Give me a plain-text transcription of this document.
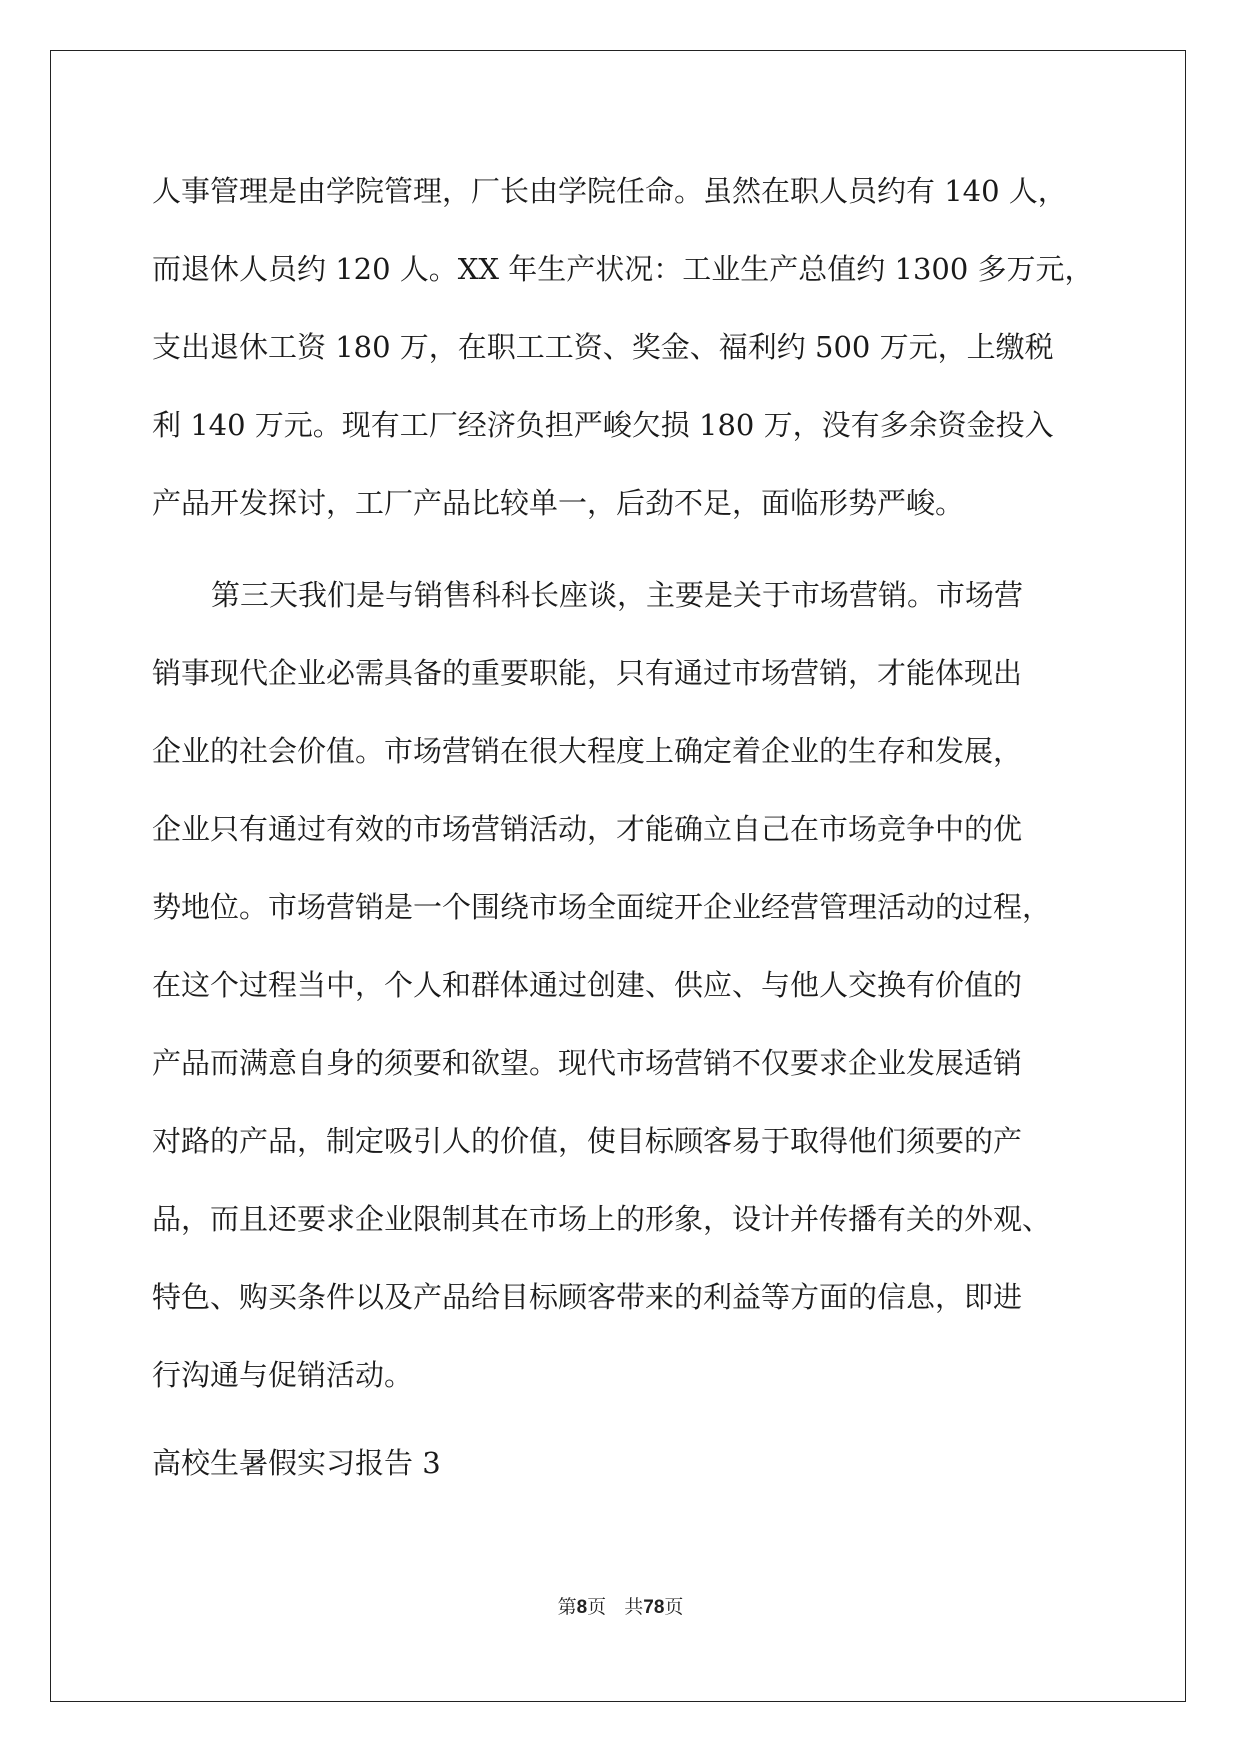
人事管理是由学院管理，厂长由学院任命。虽然在职人员约有 140 人，
而退休人员约 120 人。XX 年生产状况：工业生产总值约 1300 多万元，
支出退休工资 180 万，在职工工资、奖金、福利约 500 万元，上缴税
利 140 万元。现有工厂经济负担严峻欠损 180 万，没有多余资金投入
产品开发探讨，工厂产品比较单一，后劲不足，面临形势严峻。
第三天我们是与销售科科长座谈，主要是关于市场营销。市场营
销事现代企业必需具备的重要职能，只有通过市场营销，才能体现出
企业的社会价值。市场营销在很大程度上确定着企业的生存和发展，
企业只有通过有效的市场营销活动，才能确立自己在市场竞争中的优
势地位。市场营销是一个围绕市场全面绽开企业经营管理活动的过程，
在这个过程当中，个人和群体通过创建、供应、与他人交换有价值的
产品而满意自身的须要和欲望。现代市场营销不仅要求企业发展适销
对路的产品，制定吸引人的价值，使目标顾客易于取得他们须要的产
品，而且还要求企业限制其在市场上的形象，设计并传播有关的外观、
特色、购买条件以及产品给目标顾客带来的利益等方面的信息，即进
行沟通与促销活动。
高校生暑假实习报告 3
第8页   共78页
